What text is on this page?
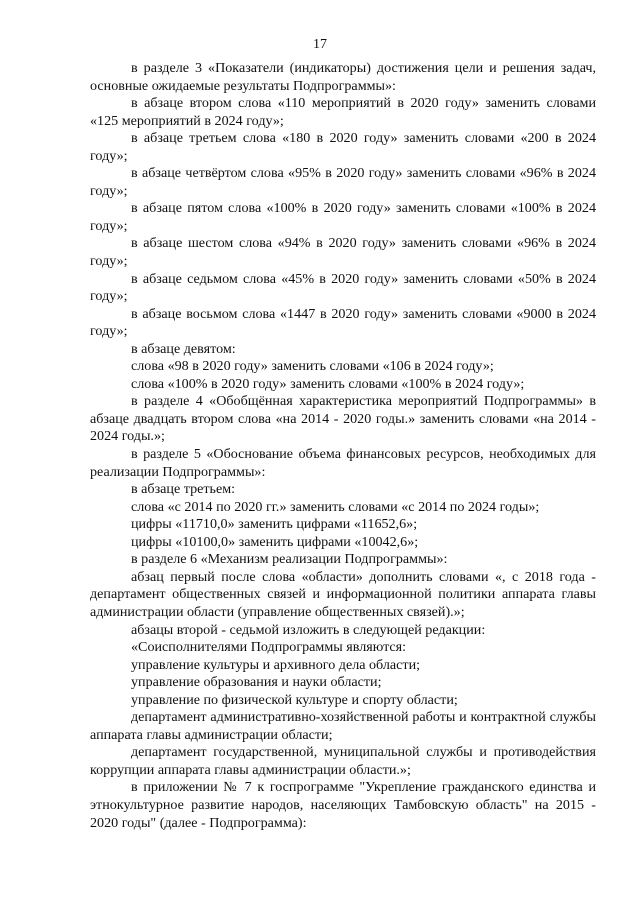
17

в разделе 3 «Показатели (индикаторы) достижения цели и решения задач, основные ожидаемые результаты Подпрограммы»:

в абзаце втором слова «110 мероприятий в 2020 году» заменить словами «125 мероприятий в 2024 году»;

в абзаце третьем слова «180 в 2020 году» заменить словами «200 в 2024 году»;

в абзаце четвёртом слова «95% в 2020 году» заменить словами «96% в 2024 году»;

в абзаце пятом слова «100% в 2020 году» заменить словами «100% в 2024 году»;

в абзаце шестом слова «94% в 2020 году» заменить словами «96% в 2024 году»;

в абзаце седьмом слова «45% в 2020 году» заменить словами «50% в 2024 году»;

в абзаце восьмом слова «1447 в 2020 году» заменить словами «9000 в 2024 году»;

в абзаце девятом:

слова «98 в 2020 году» заменить словами «106 в 2024 году»;

слова «100% в 2020 году» заменить словами «100% в 2024 году»;

в разделе 4 «Обобщённая характеристика мероприятий Подпрограммы» в абзаце двадцать втором слова «на 2014 - 2020 годы.» заменить словами «на 2014 - 2024 годы.»;

в разделе 5 «Обоснование объема финансовых ресурсов, необходимых для реализации Подпрограммы»:

в абзаце третьем:

слова «с 2014 по 2020 гг.» заменить словами «с 2014 по 2024 годы»;

цифры «11710,0» заменить цифрами «11652,6»;

цифры «10100,0» заменить цифрами «10042,6»;

в разделе 6 «Механизм реализации Подпрограммы»:

абзац первый после слова «области» дополнить словами «, с 2018 года - департамент общественных связей и информационной политики аппарата главы администрации области (управление общественных связей).»;

абзацы второй - седьмой изложить в следующей редакции:

«Соисполнителями Подпрограммы являются:

управление культуры и архивного дела области;

управление образования и науки области;

управление по физической культуре и спорту области;

департамент административно-хозяйственной работы и контрактной службы аппарата главы администрации области;

департамент государственной, муниципальной службы и противодействия коррупции аппарата главы администрации области.»;

в приложении № 7 к госпрограмме "Укрепление гражданского единства и этнокультурное развитие народов, населяющих Тамбовскую область" на 2015 - 2020 годы" (далее - Подпрограмма):
